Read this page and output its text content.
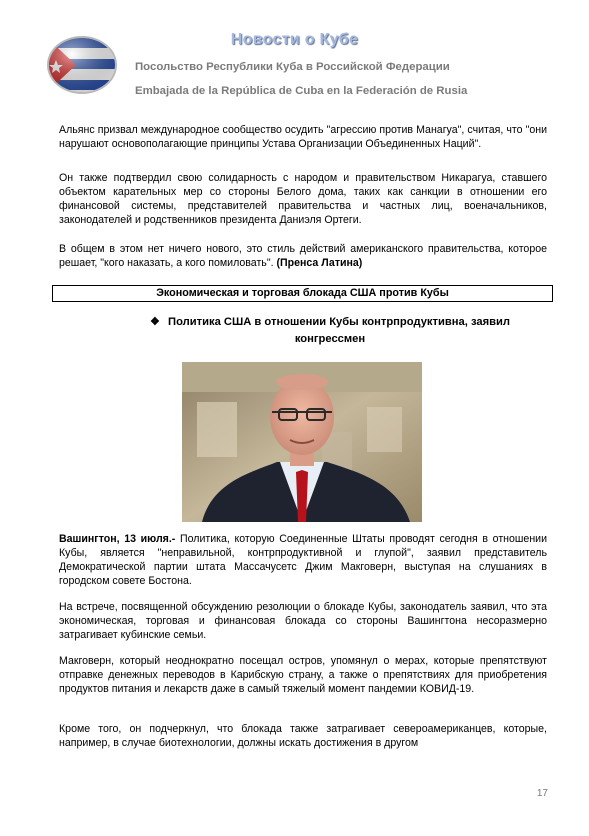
Новости о Кубе
Посольство Республики Куба в Российской Федерации
Embajada de la República de Cuba en la Federación de Rusia

Альянс призвал международное сообщество осудить "агрессию против Манагуа", считая, что "они нарушают основополагающие принципы Устава Организации Объединенных Наций".

Он также подтвердил свою солидарность с народом и правительством Никарагуа, ставшего объектом карательных мер со стороны Белого дома, таких как санкции в отношении его финансовой системы, представителей правительства и частных лиц, военачальников, законодателей и родственников президента Даниэля Ортеги.

В общем в этом нет ничего нового, это стиль действий американского правительства, которое решает, "кого наказать, а кого помиловать". (Пренса Латина)

Экономическая и торговая блокада США против Кубы
❖ Политика США в отношении Кубы контрпродуктивна, заявил конгрессмен

Вашингтон, 13 июля.- Политика, которую Соединенные Штаты проводят сегодня в отношении Кубы, является "неправильной, контрпродуктивной и глупой", заявил представитель Демократической партии штата Массачусетс Джим Макговерн, выступая на слушаниях в городском совете Бостона.

На встрече, посвященной обсуждению резолюции о блокаде Кубы, законодатель заявил, что эта экономическая, торговая и финансовая блокада со стороны Вашингтона несоразмерно затрагивает кубинские семьи.

Макговерн, который неоднократно посещал остров, упомянул о мерах, которые препятствуют отправке денежных переводов в Карибскую страну, а также о препятствиях для приобретения продуктов питания и лекарств даже в самый тяжелый момент пандемии КОВИД-19.

Кроме того, он подчеркнул, что блокада также затрагивает североамериканцев, которые, например, в случае биотехнологии, должны искать достижения в другом

17
